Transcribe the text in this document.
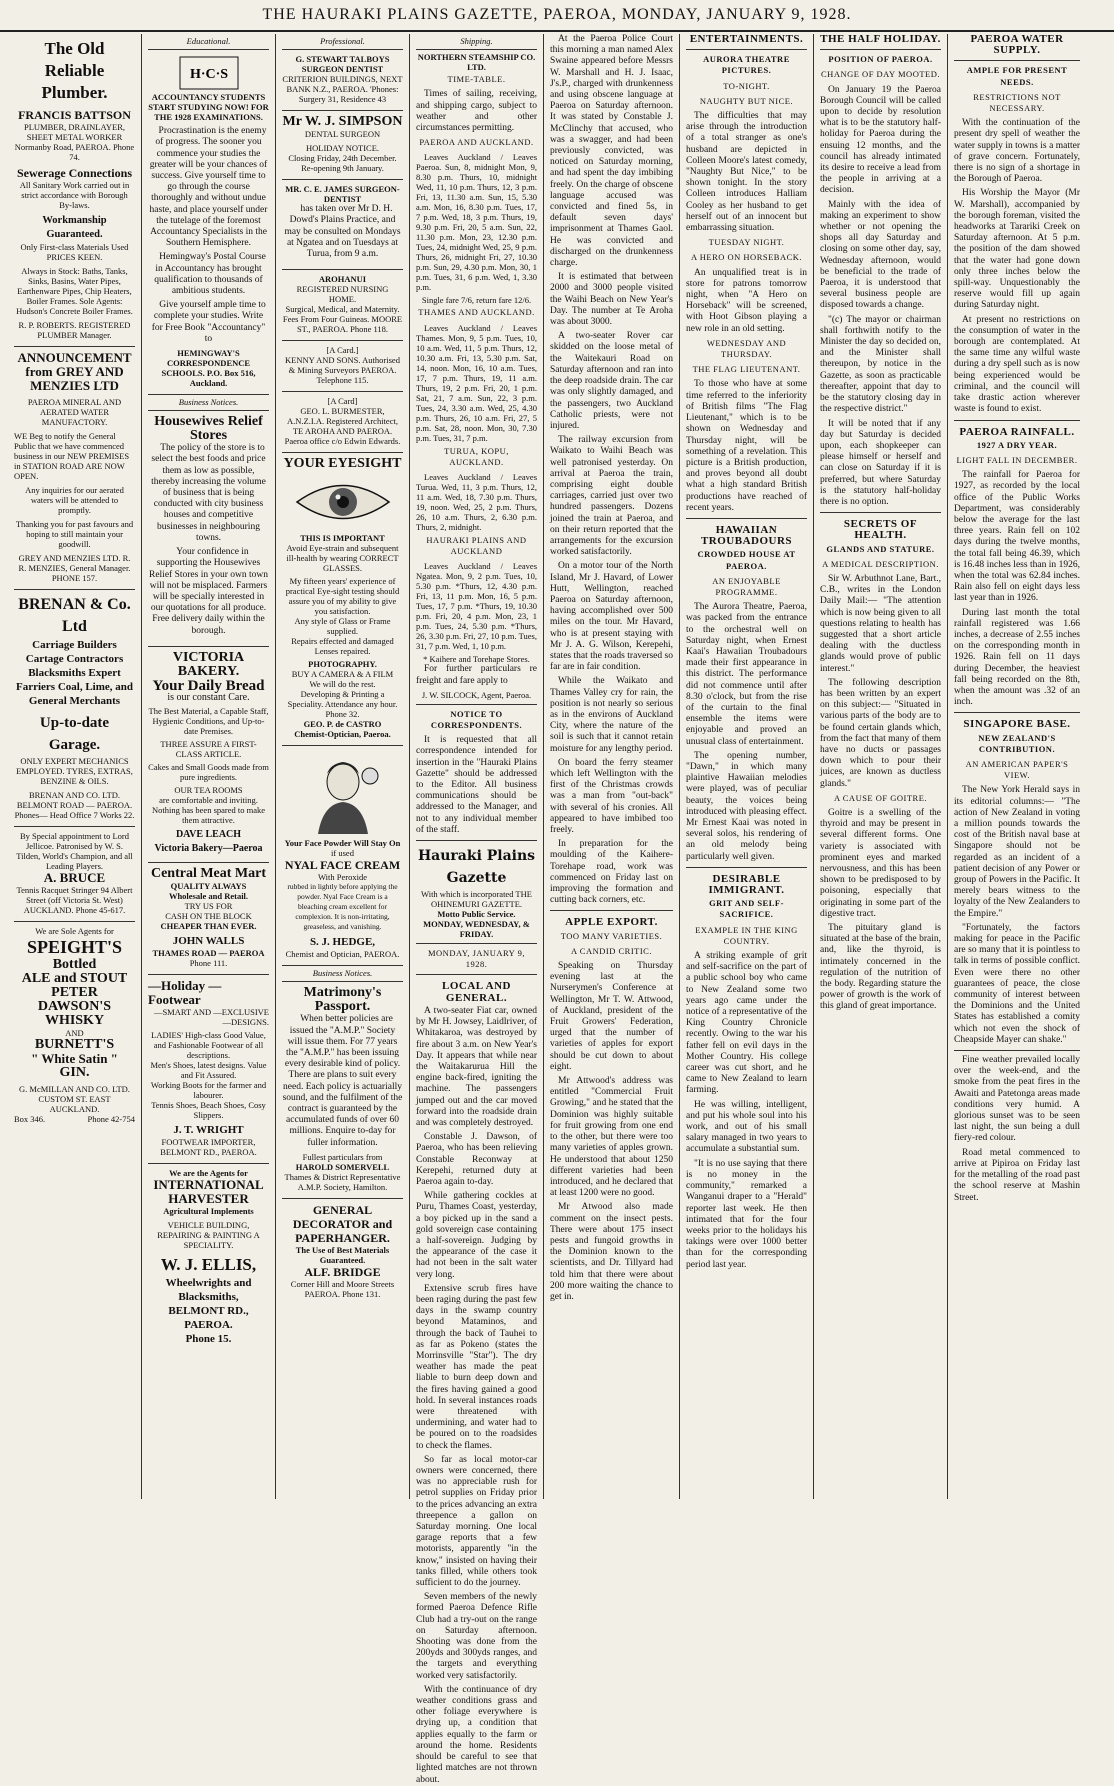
THE HAURAKI PLAINS GAZETTE, PAEROA, MONDAY, JANUARY 9, 1928.
The Old Reliable Plumber.
FRANCIS BATTSON
PLUMBER, DRAINLAYER, SHEET METAL WORKER Normanby Road, PAEROA. Phone 74.
Sewerage Connections
All Sanitary Work carried out in strict accordance with Borough By-laws.
Workmanship Guaranteed.
Only First-class Materials Used PRICES KEEN.
Always in Stock: Baths, Tanks, Sinks, Basins, Water Pipes, Earthenware Pipes, Chip Heaters, Boiler Frames. Sole Agents: Hudson's Concrete Boiler Frames.
R. P. ROBERTS. REGISTERED PLUMBER Manager.
ANNOUNCEMENT from GREY AND MENZIES LTD
PAEROA MINERAL AND AERATED WATER MANUFACTORY.
WE Beg to notify the General Public that we have commenced business in our NEW PREMISES in STATION ROAD ARE NOW OPEN.
Any inquiries for our aerated waters will be attended to promptly.
Thanking you for past favours and hoping to still maintain your goodwill.
GREY AND MENZIES LTD. R. R. MENZIES, General Manager. PHONE 157.
BRENAN & Co. Ltd
Carriage Builders Cartage Contractors Blacksmiths Expert Farriers Coal, Lime, and General Merchants
Up-to-date Garage.
ONLY EXPERT MECHANICS EMPLOYED. TYRES, EXTRAS, BENZINE & OILS.
BRENAN AND CO. LTD. BELMONT ROAD — PAEROA. Phones— Head Office 7 Works 22.
By Special appointment to Lord Jellicoe. Patronised by W. S. Tilden, World's Champion, and all Leading Players.
A. BRUCE
Tennis Racquet Stringer 94 Albert Street (off Victoria St. West) AUCKLAND. Phone 45-617.
We are Sole Agents for
SPEIGHT'S
Bottled
ALE and STOUT
PETER DAWSON'S
WHISKY
AND
BURNETT'S
" White Satin "
GIN.
G. McMILLAN AND CO. LTD. CUSTOM ST. EAST AUCKLAND.
Box 346.	Phone 42-754
Educational.
H·C·S
ACCOUNTANCY STUDENTS START STUDYING NOW! FOR THE 1928 EXAMINATIONS.

Procrastination is the enemy of progress. The sooner you commence your studies the greater will be your chances of success. Give yourself time to go through the course thoroughly and without undue haste, and place yourself under the tutelage of the foremost Accountancy Specialists in the Southern Hemisphere.

Hemingway's Postal Course in Accountancy has brought qualification to thousands of ambitious students.

Give yourself ample time to complete your studies. Write for Free Book "Accountancy" to

HEMINGWAY'S CORRESPONDENCE SCHOOLS. P.O. Box 516, Auckland.
Business Notices.
Housewives Relief Stores

The policy of the store is to select the best foods and price them as low as possible, thereby increasing the volume of business that is being conducted with city business houses and competitive businesses in neighbouring towns.

Your confidence in supporting the Housewives Relief Stores in your own town will not be misplaced. Farmers will be specially interested in our quotations for all produce. Free delivery daily within the borough.

VICTORIA BAKERY.
Your Daily Bread
is our constant Care.
The Best Material, a Capable Staff, Hygienic Conditions, and Up-to-date Premises.
THREE ASSURE A FIRST-CLASS ARTICLE.
Cakes and Small Goods made from pure ingredients.
OUR TEA ROOMS
are comfortable and inviting. Nothing has been spared to make them attractive.
DAVE LEACH
Victoria Bakery—Paeroa
Central Meat Mart
QUALITY ALWAYS
Wholesale and Retail.
TRY US FOR
CASH ON THE BLOCK
CHEAPER THAN EVER.
JOHN WALLS
THAMES ROAD — PAEROA
Phone 111.
—Holiday —Footwear
—SMART AND —EXCLUSIVE —DESIGNS.
LADIES' High-class Good Value, and Fashionable Footwear of all descriptions.
Men's Shoes, latest designs. Value and Fit Assured.
Working Boots for the farmer and labourer.
Tennis Shoes, Beach Shoes, Cosy Slippers.
J. T. WRIGHT
FOOTWEAR IMPORTER, BELMONT RD., PAEROA.
We are the Agents for
INTERNATIONAL HARVESTER
Agricultural Implements
VEHICLE BUILDING, REPAIRING & PAINTING A SPECIALITY.
W. J. ELLIS,
Wheelwrights and Blacksmiths,
BELMONT RD., PAEROA.
Phone 15.
Professional.
G. STEWART TALBOYS SURGEON DENTIST
CRITERION BUILDINGS, NEXT BANK N.Z., PAEROA. 'Phones: Surgery 31, Residence 43
Mr W. J. SIMPSON
DENTAL SURGEON
HOLIDAY NOTICE.
Closing Friday, 24th December. Re-opening 9th January.
MR. C. E. JAMES SURGEON-DENTIST

has taken over Mr D. H. Dowd's Plains Practice, and may be consulted on Mondays at Ngatea and on Tuesdays at Turua, from 9 a.m.

AROHANUI
REGISTERED NURSING HOME.
Surgical, Medical, and Maternity. Fees From Four Guineas. MOORE ST., PAEROA. Phone 118.
[A Card.]
KENNY AND SONS. Authorised & Mining Surveyors PAEROA. Telephone 115.
[A Card]
GEO. L. BURMESTER, A.N.Z.I.A. Registered Architect, TE AROHA AND PAEROA. Paeroa office c/o Edwin Edwards.
YOUR EYESIGHT
THIS IS IMPORTANT
Avoid Eye-strain and subsequent ill-health by wearing CORRECT GLASSES.
My fifteen years' experience of practical Eye-sight testing should assure you of my ability to give you satisfaction.
Any style of Glass or Frame supplied.
Repairs effected and damaged Lenses repaired.
PHOTOGRAPHY.
BUY A CAMERA & A FILM
We will do the rest.
Developing & Printing a Speciality. Attendance any hour. Phone 32.
GEO. P. de CASTRO
Chemist-Optician, Paeroa.
Your Face Powder Will Stay On
if used
NYAL FACE CREAM
With Peroxide
rubbed in lightly before applying the powder. Nyal Face Cream is a bleaching cream excellent for complexion. It is non-irritating, greaseless, and vanishing.
S. J. HEDGE,
Chemist and Optician, PAEROA.
Business Notices.
Matrimony's Passport.

When better policies are issued the "A.M.P." Society will issue them. For 77 years the "A.M.P." has been issuing every desirable kind of policy. There are plans to suit every need. Each policy is actuarially sound, and the fulfilment of the contract is guaranteed by the accumulated funds of over 60 millions. Enquire to-day for fuller information.

Fullest particulars from
HAROLD SOMERVELL
Thames & District Representative A.M.P. Society, Hamilton.
GENERAL DECORATOR and PAPERHANGER.
The Use of Best Materials Guaranteed.
ALF. BRIDGE
Corner Hill and Moore Streets PAEROA. Phone 131.
Shipping.
NORTHERN STEAMSHIP CO. LTD.
TIME-TABLE.

Times of sailing, receiving, and shipping cargo, subject to weather and other circumstances permitting.

PAEROA AND AUCKLAND.

Leaves Auckland / Leaves Paeroa. Sun, 8, midnight Mon, 9, 8.30 p.m. Thurs, 10, midnight Wed, 11, 10 p.m. Thurs, 12, 3 p.m. Fri, 13, 11.30 a.m. Sun, 15, 5.30 a.m. Mon, 16, 8.30 p.m. Tues, 17, 7 p.m. Wed, 18, 3 p.m. Thurs, 19, 9.30 p.m. Fri, 20, 5 a.m. Sun, 22, 11.30 p.m. Mon, 23, 12.30 p.m. Tues, 24, midnight Wed, 25, 9 p.m. Thurs, 26, midnight Fri, 27, 10.30 p.m. Sun, 29, 4.30 p.m. Mon, 30, 1 p.m. Tues, 31, 6 p.m. Wed, 1, 3.30 p.m.

Single fare 7/6, return fare 12/6.
THAMES AND AUCKLAND.

Leaves Auckland / Leaves Thames. Mon, 9, 5 p.m. Tues, 10, 10 a.m. Wed, 11, 5 p.m. Thurs, 12, 10.30 a.m. Fri, 13, 5.30 p.m. Sat, 14, noon. Mon, 16, 10 a.m. Tues, 17, 7 p.m. Thurs, 19, 11 a.m. Thurs, 19, 2 p.m. Fri, 20, 1 p.m. Sat, 21, 7 a.m. Sun, 22, 3 p.m. Tues, 24, 3.30 a.m. Wed, 25, 4.30 p.m. Thurs, 26, 10 a.m. Fri, 27, 5 p.m. Sat, 28, noon. Mon, 30, 7.30 p.m. Tues, 31, 7 p.m.

TURUA, KOPU, AUCKLAND.

Leaves Auckland / Leaves Turua. Wed, 11, 3 p.m. Thurs, 12, 11 a.m. Wed, 18, 7.30 p.m. Thurs, 19, noon. Wed, 25, 2 p.m. Thurs, 26, 10 a.m. Thurs, 2, 6.30 p.m. Thurs, 2, midnight.

HAURAKI PLAINS AND AUCKLAND

Leaves Auckland / Leaves Ngatea. Mon, 9, 2 p.m. Tues, 10, 5.30 p.m. *Thurs, 12, 4.30 p.m. Fri, 13, 11 p.m. Mon, 16, 5 p.m. Tues, 17, 7 p.m. *Thurs, 19, 10.30 p.m. Fri, 20, 4 p.m. Mon, 23, 1 p.m. Tues, 24, 5.30 p.m. *Thurs, 26, 3.30 p.m. Fri, 27, 10 p.m. Tues, 31, 7 p.m. Wed, 1, 10 p.m.

* Kaihere and Torehape Stores.

For further particulars re freight and fare apply to

J. W. SILCOCK, Agent, Paeroa.
NOTICE TO CORRESPONDENTS.

It is requested that all correspondence intended for insertion in the "Hauraki Plains Gazette" should be addressed to the Editor. All business communications should be addressed to the Manager, and not to any individual member of the staff.

Hauraki Plains Gazette
With which is incorporated THE OHINEMURI GAZETTE.
Motto Public Service.
MONDAY, WEDNESDAY, & FRIDAY.
MONDAY, JANUARY 9, 1928.
LOCAL AND GENERAL.

A two-seater Fiat car, owned by Mr H. Jowsey, Laidlriver, of Whitakaroa, was destroyed by fire about 3 a.m. on New Year's Day. It appears that while near the Waitakarurua Hill the engine back-fired, igniting the machine. The passengers jumped out and the car moved forward into the roadside drain and was completely destroyed.

Constable J. Dawson, of Paeroa, who has been relieving Constable Reconway at Kerepehi, returned duty at Paeroa again to-day.

While gathering cockles at Puru, Thames Coast, yesterday, a boy picked up in the sand a gold sovereign case containing a half-sovereign. Judging by the appearance of the case it had not been in the salt water very long.

Extensive scrub fires have been raging during the past few days in the swamp country beyond Mataminos, and through the back of Tauhei to as far as Pokeno (states the Morrinsville "Star"). The dry weather has made the peat liable to burn deep down and the fires having gained a good hold. In several instances roads were threatened with undermining, and water had to be poured on to the roadsides to check the flames.

So far as local motor-car owners were concerned, there was no appreciable rush for petrol supplies on Friday prior to the prices advancing an extra threepence a gallon on Saturday morning. One local garage reports that a few motorists, apparently "in the know," insisted on having their tanks filled, while others took sufficient to do the journey.

Seven members of the newly formed Paeroa Defence Rifle Club had a try-out on the range on Saturday afternoon. Shooting was done from the 200yds and 300yds ranges, and the targets and everything worked very satisfactorily.

With the continuance of dry weather conditions grass and other foliage everywhere is drying up, a condition that applies equally to the farm or around the home. Residents should be careful to see that lighted matches are not thrown about.

At the Paeroa Police Court this morning a man named Alex Swaine appeared before Messrs W. Marshall and H. J. Isaac, J's.P., charged with drunkenness and using obscene language at Paeroa on Saturday afternoon. It was stated by Constable J. McClinchy that accused, who was a swagger, and had been previously convicted, was noticed on Saturday morning, and had spent the day imbibing freely. On the charge of obscene language accused was convicted and fined 5s, in default seven days' imprisonment at Thames Gaol. He was convicted and discharged on the drunkenness charge.

It is estimated that between 2000 and 3000 people visited the Waihi Beach on New Year's Day. The number at Te Aroha was about 3000.

A two-seater Rover car skidded on the loose metal of the Waitekauri Road on Saturday afternoon and ran into the deep roadside drain. The car was only slightly damaged, and the passengers, two Auckland Catholic priests, were not injured.

The railway excursion from Waikato to Waihi Beach was well patronised yesterday. On arrival at Paeroa the train, comprising eight double carriages, carried just over two hundred passengers. Dozens joined the train at Paeroa, and on their return reported that the arrangements for the excursion worked satisfactorily.

On a motor tour of the North Island, Mr J. Havard, of Lower Hutt, Wellington, reached Paeroa on Saturday afternoon, having accomplished over 500 miles on the tour. Mr Havard, who is at present staying with Mr J. A. G. Wilson, Kerepehi, states that the roads traversed so far are in fair condition.

While the Waikato and Thames Valley cry for rain, the position is not nearly so serious as in the environs of Auckland City, where the nature of the soil is such that it cannot retain moisture for any lengthy period.

On board the ferry steamer which left Wellington with the first of the Christmas crowds was a man from "out-back" with several of his cronies. All appeared to have imbibed too freely.

In preparation for the moulding of the Kaihere-Torehape road, work was commenced on Friday last on improving the formation and cutting back corners, etc.

APPLE EXPORT.
TOO MANY VARIETIES.
A CANDID CRITIC.

Speaking on Thursday evening last at the Nurserymen's Conference at Wellington, Mr T. W. Attwood, of Auckland, president of the Fruit Growers' Federation, urged that the number of varieties of apples for export should be cut down to about eight.

Mr Attwood's address was entitled "Commercial Fruit Growing," and he stated that the Dominion was highly suitable for fruit growing from one end to the other, but there were too many varieties of apples grown. He understood that about 1250 different varieties had been introduced, and he declared that at least 1200 were no good.

Mr Atwood also made comment on the insect pests. There were about 175 insect pests and fungoid growths in the Dominion known to the scientists, and Dr. Tillyard had told him that there were about 200 more waiting the chance to get in.

ENTERTAINMENTS.
AURORA THEATRE PICTURES.
TO-NIGHT.
NAUGHTY BUT NICE.

The difficulties that may arise through the introduction of a total stranger as one's husband are depicted in Colleen Moore's latest comedy, "Naughty But Nice," to be shown tonight. In the story Colleen introduces Halliam Cooley as her husband to get herself out of an innocent but embarrassing situation.

TUESDAY NIGHT.
A HERO ON HORSEBACK.

An unqualified treat is in store for patrons tomorrow night, when "A Hero on Horseback" will be screened, with Hoot Gibson playing a new role in an old setting.

WEDNESDAY AND THURSDAY.
THE FLAG LIEUTENANT.

To those who have at some time referred to the inferiority of British films "The Flag Lieutenant," which is to be shown on Wednesday and Thursday night, will be something of a revelation. This picture is a British production, and proves beyond all doubt what a high standard British productions have reached of recent years.

HAWAIIAN TROUBADOURS
CROWDED HOUSE AT PAEROA.
AN ENJOYABLE PROGRAMME.

The Aurora Theatre, Paeroa, was packed from the entrance to the orchestral well on Saturday night, when Ernest Kaai's Hawaiian Troubadours made their first appearance in this district. The performance did not commence until after 8.30 o'clock, but from the rise of the curtain to the final ensemble the items were enjoyable and proved an unusual class of entertainment.

The opening number, "Dawn," in which many plaintive Hawaiian melodies were played, was of peculiar beauty, the voices being introduced with pleasing effect. Mr Ernest Kaai was noted in several solos, his rendering of an old melody being particularly well given.

DESIRABLE IMMIGRANT.
GRIT AND SELF-SACRIFICE.
EXAMPLE IN THE KING COUNTRY.

A striking example of grit and self-sacrifice on the part of a public school boy who came to New Zealand some two years ago came under the notice of a representative of the King Country Chronicle recently. Owing to the war his father fell on evil days in the Mother Country. His college career was cut short, and he came to New Zealand to learn farming.

He was willing, intelligent, and put his whole soul into his work, and out of his small salary managed in two years to accumulate a substantial sum.

"It is no use saying that there is no money in the community," remarked a Wanganui draper to a "Herald" reporter last week. He then intimated that for the four weeks prior to the holidays his takings were over 1000 better than for the corresponding period last year.

THE HALF HOLIDAY.
POSITION OF PAEROA.
CHANGE OF DAY MOOTED.

On January 19 the Paeroa Borough Council will be called upon to decide by resolution what is to be the statutory half-holiday for Paeroa during the ensuing 12 months, and the council has already intimated its desire to receive a lead from the people in arriving at a decision.

Mainly with the idea of making an experiment to show whether or not opening the shops all day Saturday and closing on some other day, say, Wednesday afternoon, would be beneficial to the trade of Paeroa, it is understood that several business people are disposed towards a change.

"(c) The mayor or chairman shall forthwith notify to the Minister the day so decided on, and the Minister shall thereupon, by notice in the Gazette, as soon as practicable thereafter, appoint that day to be the statutory closing day in the respective district."

It will be noted that if any day but Saturday is decided upon, each shopkeeper can please himself or herself and can close on Saturday if it is preferred, but where Saturday is the statutory half-holiday there is no option.

SECRETS OF HEALTH.
GLANDS AND STATURE.
A MEDICAL DESCRIPTION.

Sir W. Arbuthnot Lane, Bart., C.B., writes in the London Daily Mail:— "The attention which is now being given to all questions relating to health has suggested that a short article dealing with the ductless glands would prove of public interest."

The following description has been written by an expert on this subject:— "Situated in various parts of the body are to be found certain glands which, from the fact that many of them have no ducts or passages down which to pour their juices, are known as ductless glands."

A CAUSE OF GOITRE.

Goitre is a swelling of the thyroid and may be present in several different forms. One variety is associated with prominent eyes and marked nervousness, and this has been shown to be predisposed to by poisoning, especially that originating in some part of the digestive tract.

The pituitary gland is situated at the base of the brain, and, like the thyroid, is intimately concerned in the regulation of the nutrition of the body. Regarding stature the power of growth is the work of this gland of great importance.

PAEROA WATER SUPPLY.
AMPLE FOR PRESENT NEEDS.
RESTRICTIONS NOT NECESSARY.

With the continuation of the present dry spell of weather the water supply in towns is a matter of grave concern. Fortunately, there is no sign of a shortage in the Borough of Paeroa.

His Worship the Mayor (Mr W. Marshall), accompanied by the borough foreman, visited the headworks at Tarariki Creek on Saturday afternoon. At 5 p.m. the position of the dam showed that the water had gone down only three inches below the spill-way. Unquestionably the reserve would fill up again during Saturday night.

At present no restrictions on the consumption of water in the borough are contemplated. At the same time any wilful waste during a dry spell such as is now being experienced would be criminal, and the council will take drastic action wherever waste is found to exist.

PAEROA RAINFALL.
1927 A DRY YEAR.
LIGHT FALL IN DECEMBER.

The rainfall for Paeroa for 1927, as recorded by the local office of the Public Works Department, was considerably below the average for the last three years. Rain fell on 102 days during the twelve months, the total fall being 46.39, which is 16.48 inches less than in 1926, when the total was 62.84 inches. Rain also fell on eight days less last year than in 1926.

During last month the total rainfall registered was 1.66 inches, a decrease of 2.55 inches on the corresponding month in 1926. Rain fell on 11 days during December, the heaviest fall being recorded on the 8th, when the amount was .32 of an inch.

SINGAPORE BASE.
NEW ZEALAND'S CONTRIBUTION.
AN AMERICAN PAPER'S VIEW.

The New York Herald says in its editorial columns:— "The action of New Zealand in voting a million pounds towards the cost of the British naval base at Singapore should not be regarded as an incident of a patient decision of any Power or group of Powers in the Pacific. It merely bears witness to the loyalty of the New Zealanders to the Empire."

"Fortunately, the factors making for peace in the Pacific are so many that it is pointless to talk in terms of possible conflict. Even were there no other guarantees of peace, the close community of interest between the Dominions and the United States has established a comity which not even the shock of Cheapside Mayer can shake."

Fine weather prevailed locally over the week-end, and the smoke from the peat fires in the Awaiti and Patetonga areas made conditions very humid. A glorious sunset was to be seen last night, the sun being a dull fiery-red colour.

Road metal commenced to arrive at Pipiroa on Friday last for the metalling of the road past the school reserve at Mashin Street.
